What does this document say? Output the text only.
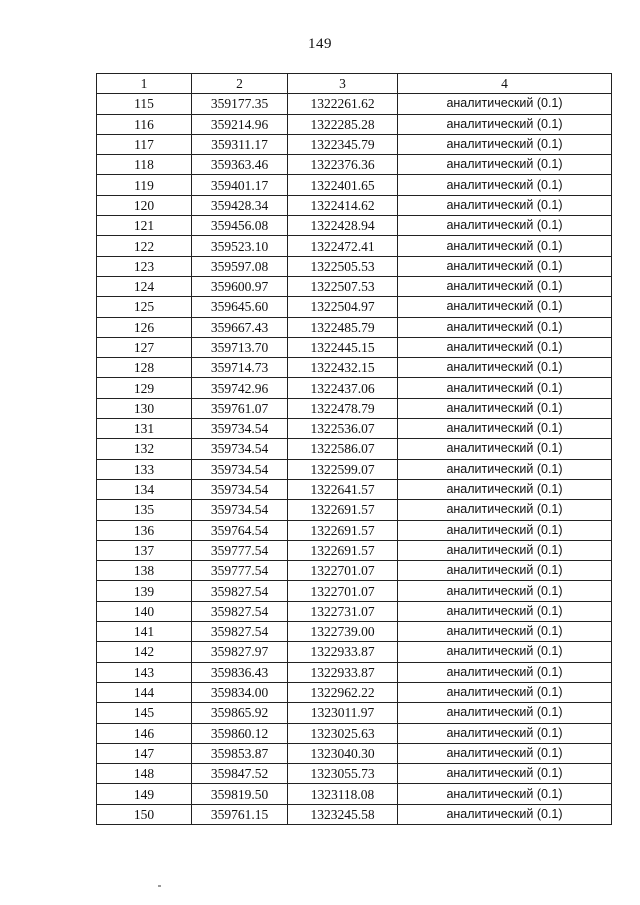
149
1	2	3	4
115	359177.35	1322261.62	аналитический (0.1)
116	359214.96	1322285.28	аналитический (0.1)
117	359311.17	1322345.79	аналитический (0.1)
118	359363.46	1322376.36	аналитический (0.1)
119	359401.17	1322401.65	аналитический (0.1)
120	359428.34	1322414.62	аналитический (0.1)
121	359456.08	1322428.94	аналитический (0.1)
122	359523.10	1322472.41	аналитический (0.1)
123	359597.08	1322505.53	аналитический (0.1)
124	359600.97	1322507.53	аналитический (0.1)
125	359645.60	1322504.97	аналитический (0.1)
126	359667.43	1322485.79	аналитический (0.1)
127	359713.70	1322445.15	аналитический (0.1)
128	359714.73	1322432.15	аналитический (0.1)
129	359742.96	1322437.06	аналитический (0.1)
130	359761.07	1322478.79	аналитический (0.1)
131	359734.54	1322536.07	аналитический (0.1)
132	359734.54	1322586.07	аналитический (0.1)
133	359734.54	1322599.07	аналитический (0.1)
134	359734.54	1322641.57	аналитический (0.1)
135	359734.54	1322691.57	аналитический (0.1)
136	359764.54	1322691.57	аналитический (0.1)
137	359777.54	1322691.57	аналитический (0.1)
138	359777.54	1322701.07	аналитический (0.1)
139	359827.54	1322701.07	аналитический (0.1)
140	359827.54	1322731.07	аналитический (0.1)
141	359827.54	1322739.00	аналитический (0.1)
142	359827.97	1322933.87	аналитический (0.1)
143	359836.43	1322933.87	аналитический (0.1)
144	359834.00	1322962.22	аналитический (0.1)
145	359865.92	1323011.97	аналитический (0.1)
146	359860.12	1323025.63	аналитический (0.1)
147	359853.87	1323040.30	аналитический (0.1)
148	359847.52	1323055.73	аналитический (0.1)
149	359819.50	1323118.08	аналитический (0.1)
150	359761.15	1323245.58	аналитический (0.1)
